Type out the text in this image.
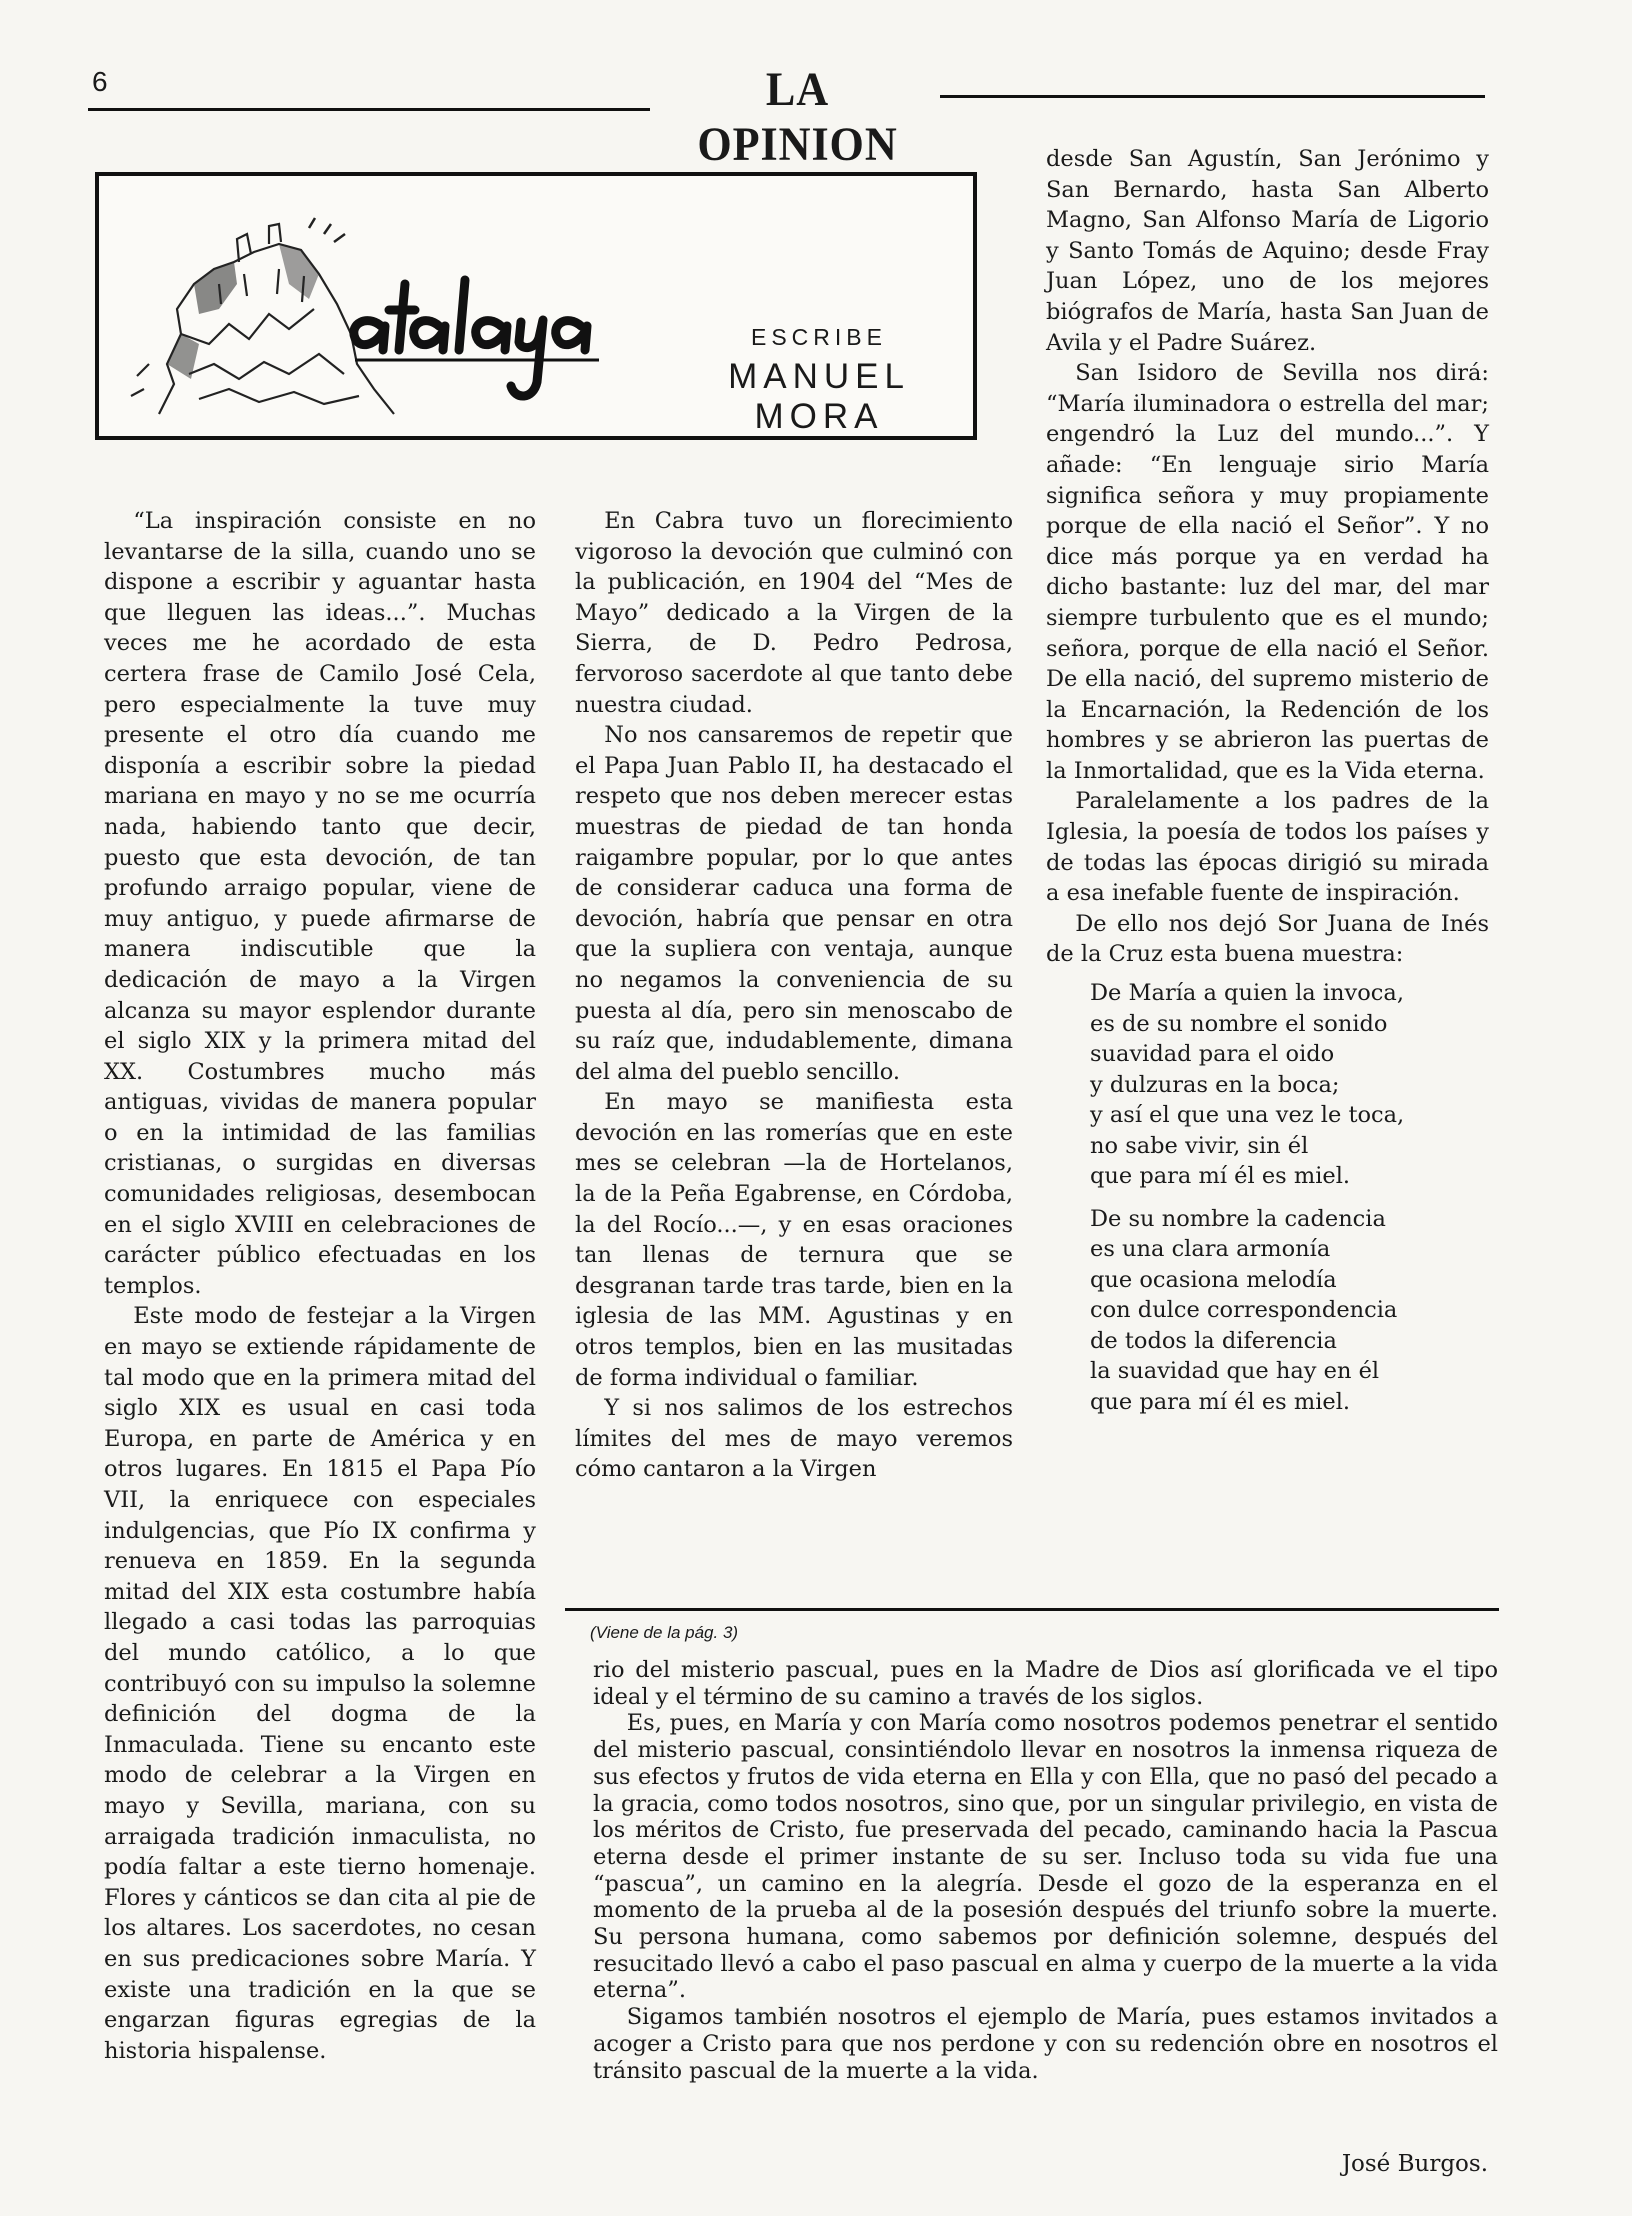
6	LA OPINION
ESCRIBE
MANUEL MORA

“La inspiración consiste en no levantarse de la silla, cuando uno se dispone a escribir y aguantar hasta que lleguen las ideas...”. Muchas veces me he acordado de esta certera frase de Camilo José Cela, pero especialmente la tuve muy presente el otro día cuando me disponía a escribir sobre la piedad mariana en mayo y no se me ocurría nada, habiendo tanto que decir, puesto que esta devoción, de tan profundo arraigo popular, viene de muy antiguo, y puede afirmarse de manera indiscutible que la dedicación de mayo a la Virgen alcanza su mayor esplendor durante el siglo XIX y la primera mitad del XX. Costumbres mucho más antiguas, vividas de manera popular o en la intimidad de las familias cristianas, o surgidas en diversas comunidades religiosas, desembocan en el siglo XVIII en celebraciones de carácter público efectuadas en los templos.

Este modo de festejar a la Virgen en mayo se extiende rápidamente de tal modo que en la primera mitad del siglo XIX es usual en casi toda Europa, en parte de América y en otros lugares. En 1815 el Papa Pío VII, la enriquece con especiales indulgencias, que Pío IX confirma y renueva en 1859. En la segunda mitad del XIX esta costumbre había llegado a casi todas las parroquias del mundo católico, a lo que contribuyó con su impulso la solemne definición del dogma de la Inmaculada. Tiene su encanto este modo de celebrar a la Virgen en mayo y Sevilla, mariana, con su arraigada tradición inmaculista, no podía faltar a este tierno homenaje. Flores y cánticos se dan cita al pie de los altares. Los sacerdotes, no cesan en sus predicaciones sobre María. Y existe una tradición en la que se engarzan figuras egregias de la historia hispalense.

En Cabra tuvo un florecimiento vigoroso la devoción que culminó con la publicación, en 1904 del “Mes de Mayo” dedicado a la Virgen de la Sierra, de D. Pedro Pedrosa, fervoroso sacerdote al que tanto debe nuestra ciudad.

No nos cansaremos de repetir que el Papa Juan Pablo II, ha destacado el respeto que nos deben merecer estas muestras de piedad de tan honda raigambre popular, por lo que antes de considerar caduca una forma de devoción, habría que pensar en otra que la supliera con ventaja, aunque no negamos la conveniencia de su puesta al día, pero sin menoscabo de su raíz que, indudablemente, dimana del alma del pueblo sencillo.

En mayo se manifiesta esta devoción en las romerías que en este mes se celebran —la de Hortelanos, la de la Peña Egabrense, en Córdoba, la del Rocío...—, y en esas oraciones tan llenas de ternura que se desgranan tarde tras tarde, bien en la iglesia de las MM. Agustinas y en otros templos, bien en las musitadas de forma individual o familiar.

Y si nos salimos de los estrechos límites del mes de mayo veremos cómo cantaron a la Virgen

desde San Agustín, San Jerónimo y San Bernardo, hasta San Alberto Magno, San Alfonso María de Ligorio y Santo Tomás de Aquino; desde Fray Juan López, uno de los mejores biógrafos de María, hasta San Juan de Avila y el Padre Suárez.

San Isidoro de Sevilla nos dirá: “María iluminadora o estrella del mar; engendró la Luz del mundo...”. Y añade: “En lenguaje sirio María significa señora y muy propiamente porque de ella nació el Señor”. Y no dice más porque ya en verdad ha dicho bastante: luz del mar, del mar siempre turbulento que es el mundo; señora, porque de ella nació el Señor. De ella nació, del supremo misterio de la Encarnación, la Redención de los hombres y se abrieron las puertas de la Inmortalidad, que es la Vida eterna.

Paralelamente a los padres de la Iglesia, la poesía de todos los países y de todas las épocas dirigió su mirada a esa inefable fuente de inspiración.

De ello nos dejó Sor Juana de Inés de la Cruz esta buena muestra:

De María a quien la invoca,
es de su nombre el sonido
suavidad para el oido
y dulzuras en la boca;
y así el que una vez le toca,
no sabe vivir, sin él
que para mí él es miel.
De su nombre la cadencia
es una clara armonía
que ocasiona melodía
con dulce correspondencia
de todos la diferencia
la suavidad que hay en él
que para mí él es miel.
(Viene de la pág. 3)

rio del misterio pascual, pues en la Madre de Dios así glorificada ve el tipo ideal y el término de su camino a través de los siglos.

Es, pues, en María y con María como nosotros podemos penetrar el sentido del misterio pascual, consintiéndolo llevar en nosotros la inmensa riqueza de sus efectos y frutos de vida eterna en Ella y con Ella, que no pasó del pecado a la gracia, como todos nosotros, sino que, por un singular privilegio, en vista de los méritos de Cristo, fue preservada del pecado, caminando hacia la Pascua eterna desde el primer instante de su ser. Incluso toda su vida fue una “pascua”, un camino en la alegría. Desde el gozo de la esperanza en el momento de la prueba al de la posesión después del triunfo sobre la muerte. Su persona humana, como sabemos por definición solemne, después del resucitado llevó a cabo el paso pascual en alma y cuerpo de la muerte a la vida eterna”.

Sigamos también nosotros el ejemplo de María, pues estamos invitados a acoger a Cristo para que nos perdone y con su redención obre en nosotros el tránsito pascual de la muerte a la vida.

José Burgos.
